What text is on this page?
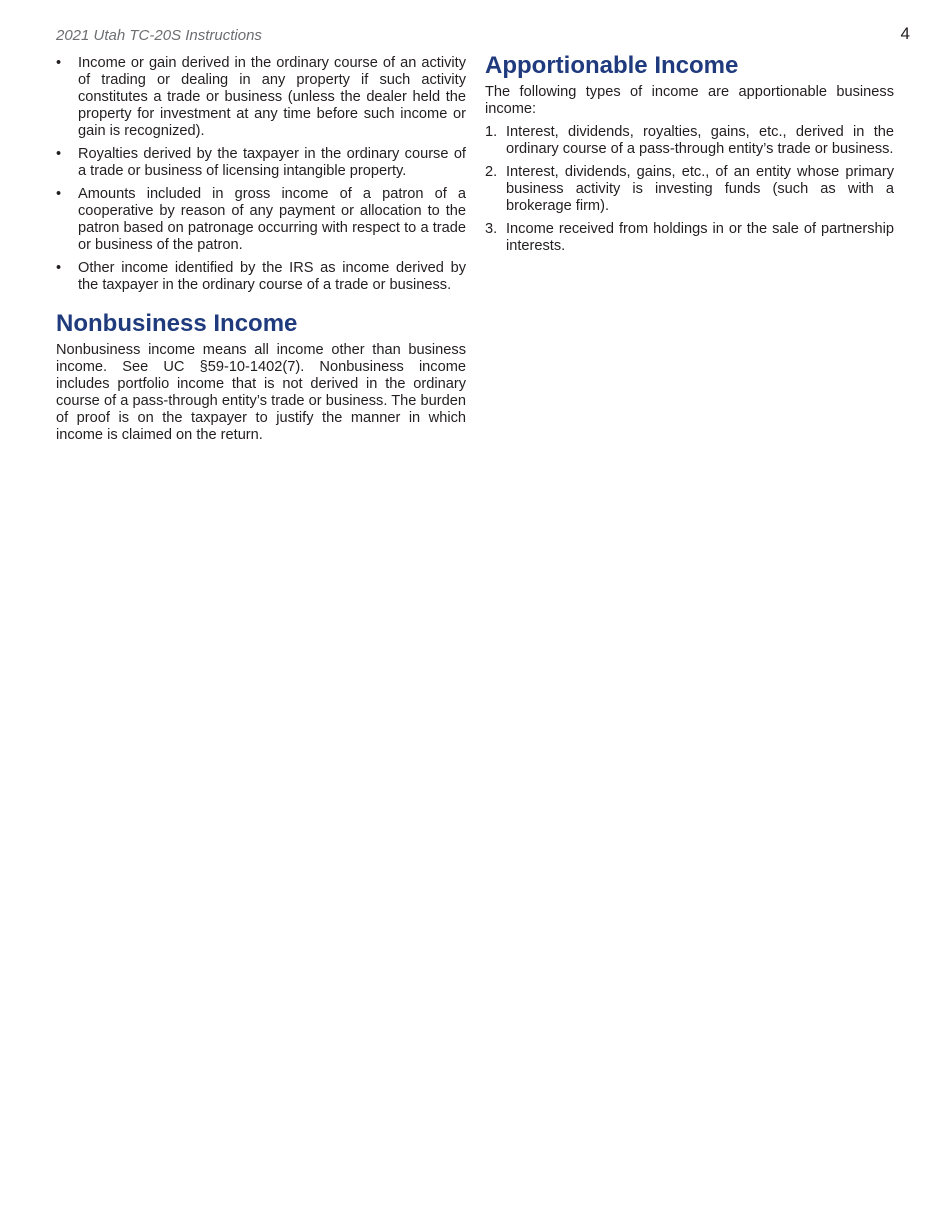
2021 Utah TC-20S Instructions	4
•	Income or gain derived in the ordinary course of an activity of trading or dealing in any property if such activity constitutes a trade or business (unless the dealer held the property for investment at any time before such income or gain is recognized).
•	Royalties derived by the taxpayer in the ordinary course of a trade or business of licensing intangible property.
•	Amounts included in gross income of a patron of a cooperative by reason of any payment or allocation to the patron based on patronage occurring with respect to a trade or business of the patron.
•	Other income identified by the IRS as income derived by the taxpayer in the ordinary course of a trade or business.
Nonbusiness Income

Nonbusiness income means all income other than business income. See UC §59-10-1402(7). Nonbusiness income includes portfolio income that is not derived in the ordinary course of a pass-through entity’s trade or business. The burden of proof is on the taxpayer to justify the manner in which income is claimed on the return.

Apportionable Income

The following types of income are apportionable business income:

1. Interest, dividends, royalties, gains, etc., derived in the ordinary course of a pass-through entity’s trade or business.
2. Interest, dividends, gains, etc., of an entity whose primary business activity is investing funds (such as with a brokerage firm).
3. Income received from holdings in or the sale of partnership interests.
